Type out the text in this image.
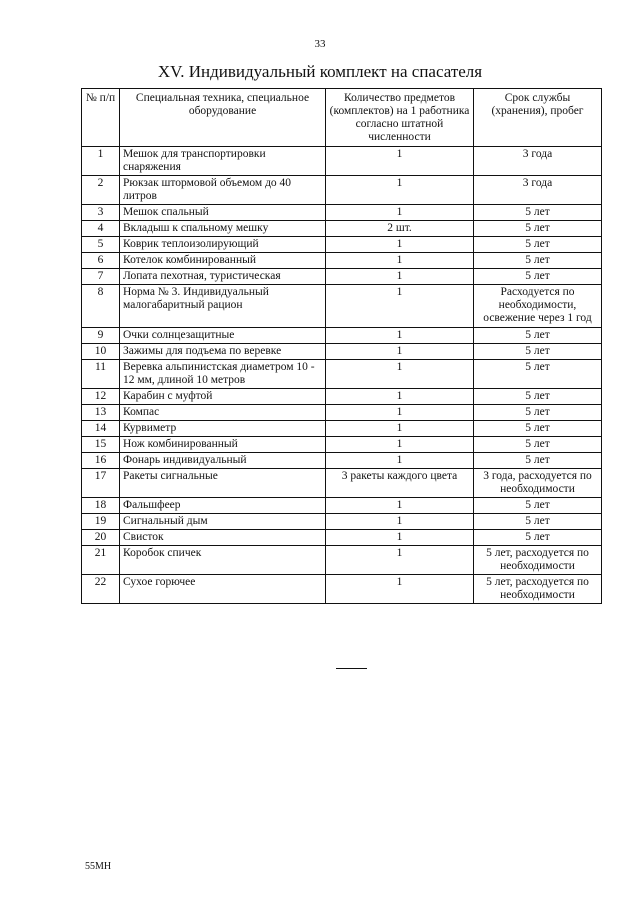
33
XV. Индивидуальный комплект на спасателя
№ п/п	Специальная техника, специальное оборудование	Количество предметов (комплектов) на 1 работника согласно штатной численности	Срок службы (хранения), пробег
1	Мешок для транспортировки снаряжения	1	3 года
2	Рюкзак штормовой объемом до 40 литров	1	3 года
3	Мешок спальный	1	5 лет
4	Вкладыш к спальному мешку	2 шт.	5 лет
5	Коврик теплоизолирующий	1	5 лет
6	Котелок комбинированный	1	5 лет
7	Лопата пехотная, туристическая	1	5 лет
8	Норма № 3. Индивидуальный малогабаритный рацион	1	Расходуется по необходимости, освежение через 1 год
9	Очки солнцезащитные	1	5 лет
10	Зажимы для подъема по веревке	1	5 лет
11	Веревка альпинистская диаметром 10 - 12 мм, длиной 10 метров	1	5 лет
12	Карабин с муфтой	1	5 лет
13	Компас	1	5 лет
14	Курвиметр	1	5 лет
15	Нож комбинированный	1	5 лет
16	Фонарь индивидуальный	1	5 лет
17	Ракеты сигнальные	3 ракеты каждого цвета	3 года, расходуется по необходимости
18	Фальшфеер	1	5 лет
19	Сигнальный дым	1	5 лет
20	Свисток	1	5 лет
21	Коробок спичек	1	5 лет, расходуется по необходимости
22	Сухое горючее	1	5 лет, расходуется по необходимости
55МН
